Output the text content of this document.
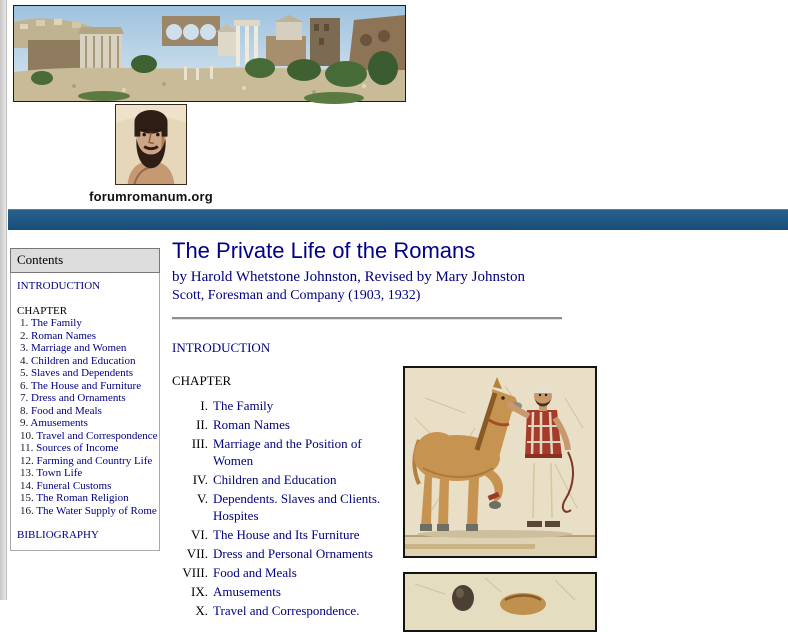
forumromanum.org
Contents
INTRODUCTION
CHAPTER
1. The Family
2. Roman Names
3. Marriage and Women
4. Children and Education
5. Slaves and Dependents
6. The House and Furniture
7. Dress and Ornaments
8. Food and Meals
9. Amusements
10. Travel and Correspondence
11. Sources of Income
12. Farming and Country Life
13. Town Life
14. Funeral Customs
15. The Roman Religion
16. The Water Supply of Rome
BIBLIOGRAPHY
The Private Life of the Romans
by Harold Whetstone Johnston, Revised by Mary Johnston
Scott, Foresman and Company (1903, 1932)
INTRODUCTION
CHAPTER
I. The Family
II. Roman Names
III. Marriage and the Position of Women
IV. Children and Education
V. Dependents. Slaves and Clients. Hospites
VI. The House and Its Furniture
VII. Dress and Personal Ornaments
VIII. Food and Meals
IX. Amusements
X. Travel and Correspondence.
